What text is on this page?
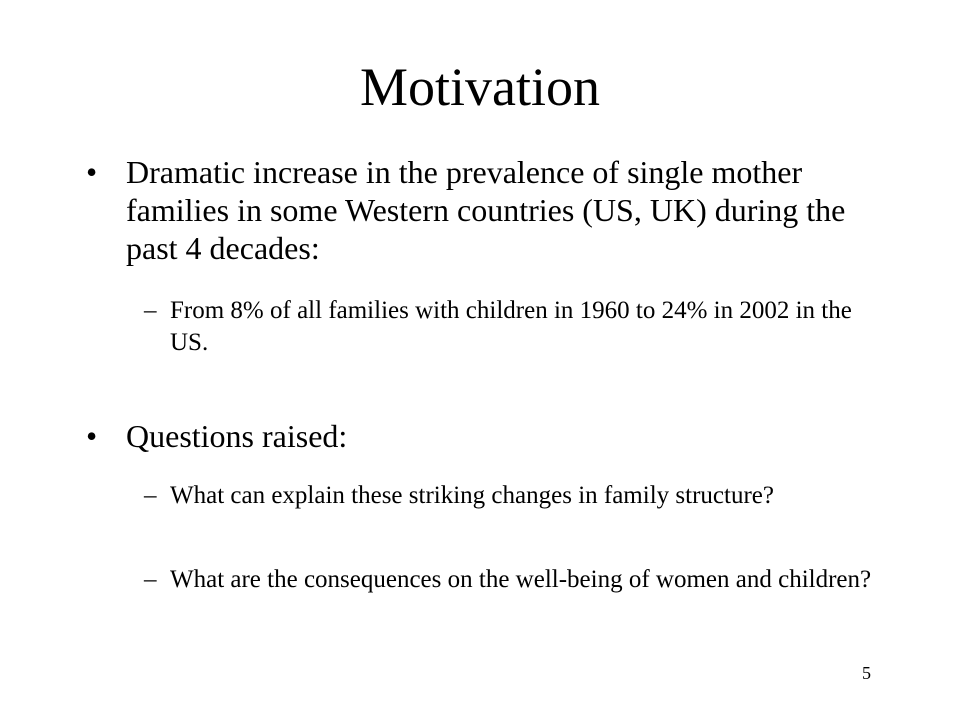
Motivation
• Dramatic increase in the prevalence of single mother families in some Western countries (US, UK) during the past 4 decades:
– From 8% of all families with children in 1960 to 24% in 2002 in the US.
• Questions raised:
– What can explain these striking changes in family structure?
– What are the consequences on the well-being of women and children?
5
